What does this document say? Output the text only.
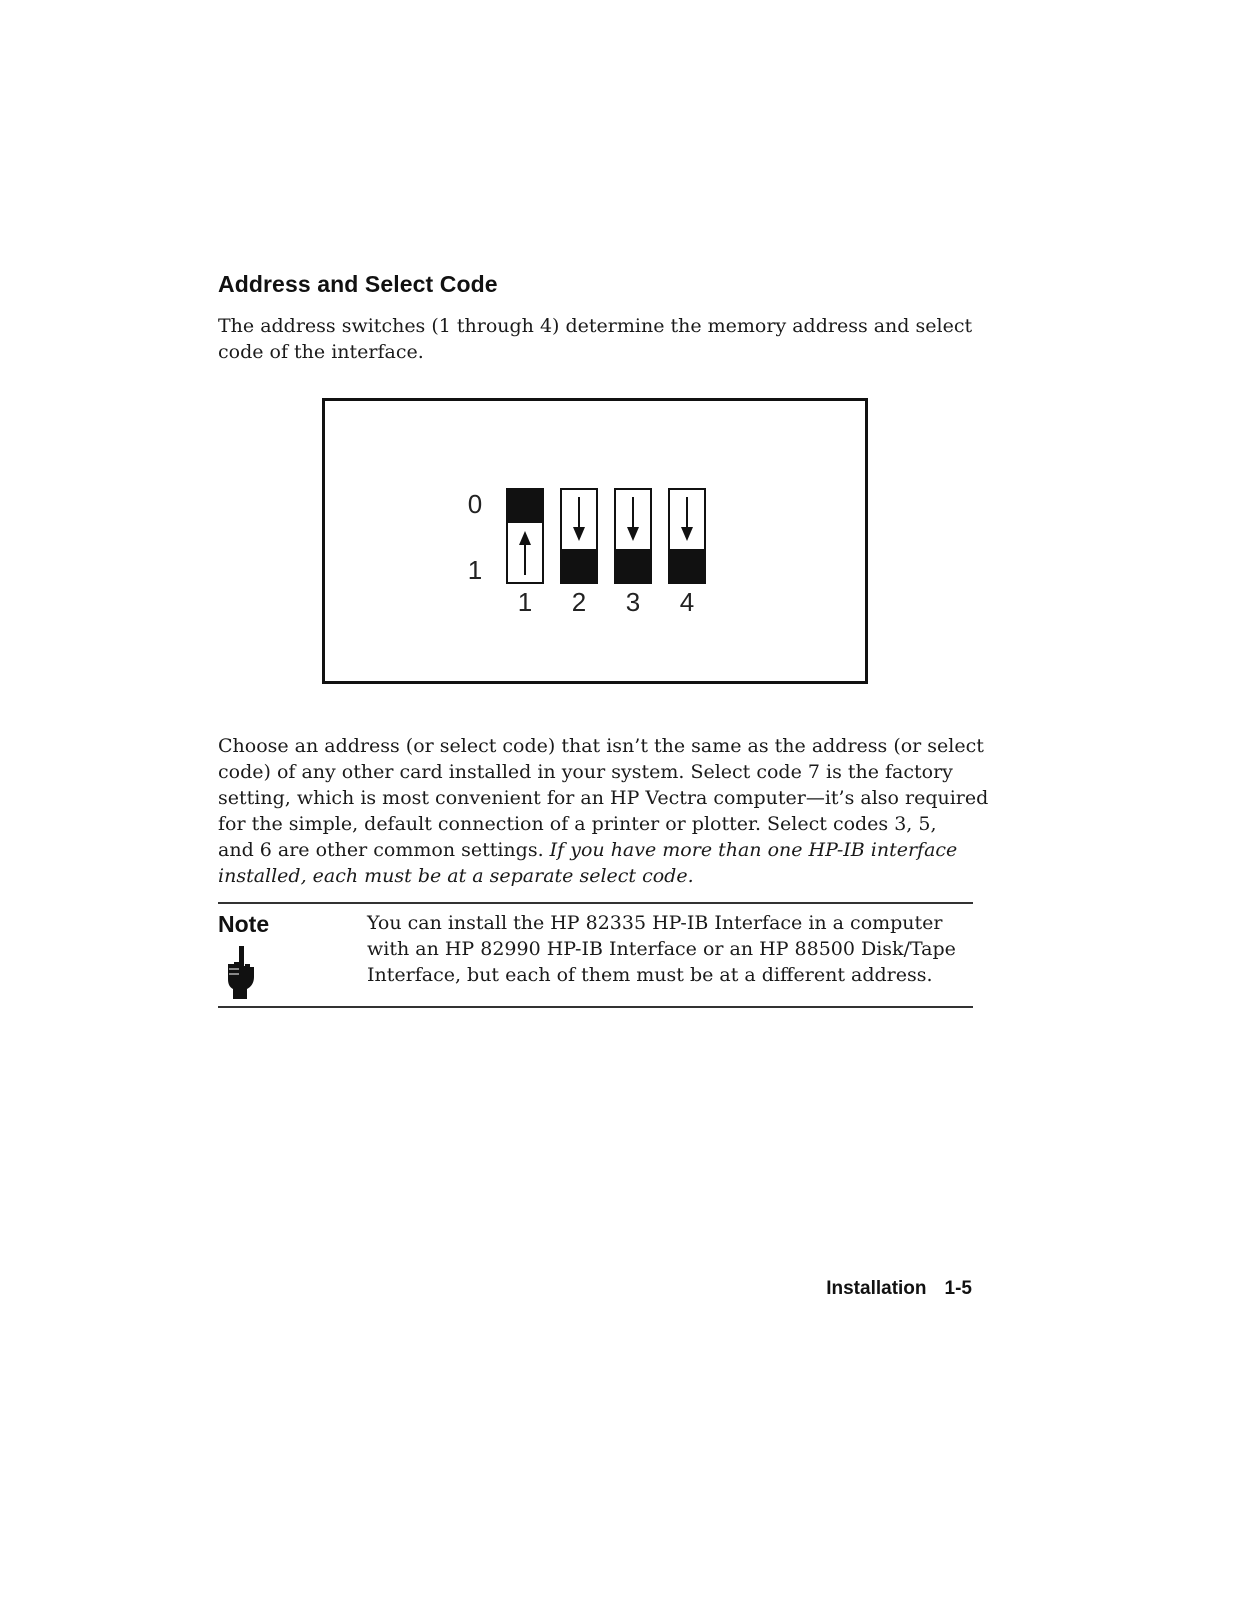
Address and Select Code

The address switches (1 through 4) determine the memory address and select
code of the interface.

0
1
1 2 3 4

Choose an address (or select code) that isn’t the same as the address (or select
code) of any other card installed in your system. Select code 7 is the factory
setting, which is most convenient for an HP Vectra computer—it’s also required
for the simple, default connection of a printer or plotter. Select codes 3, 5,
and 6 are other common settings. If you have more than one HP-IB interface
installed, each must be at a separate select code.

Note	You can install the HP 82335 HP-IB Interface in a computer
with an HP 82990 HP-IB Interface or an HP 88500 Disk/Tape
Interface, but each of them must be at a different address.

Installation 1-5
